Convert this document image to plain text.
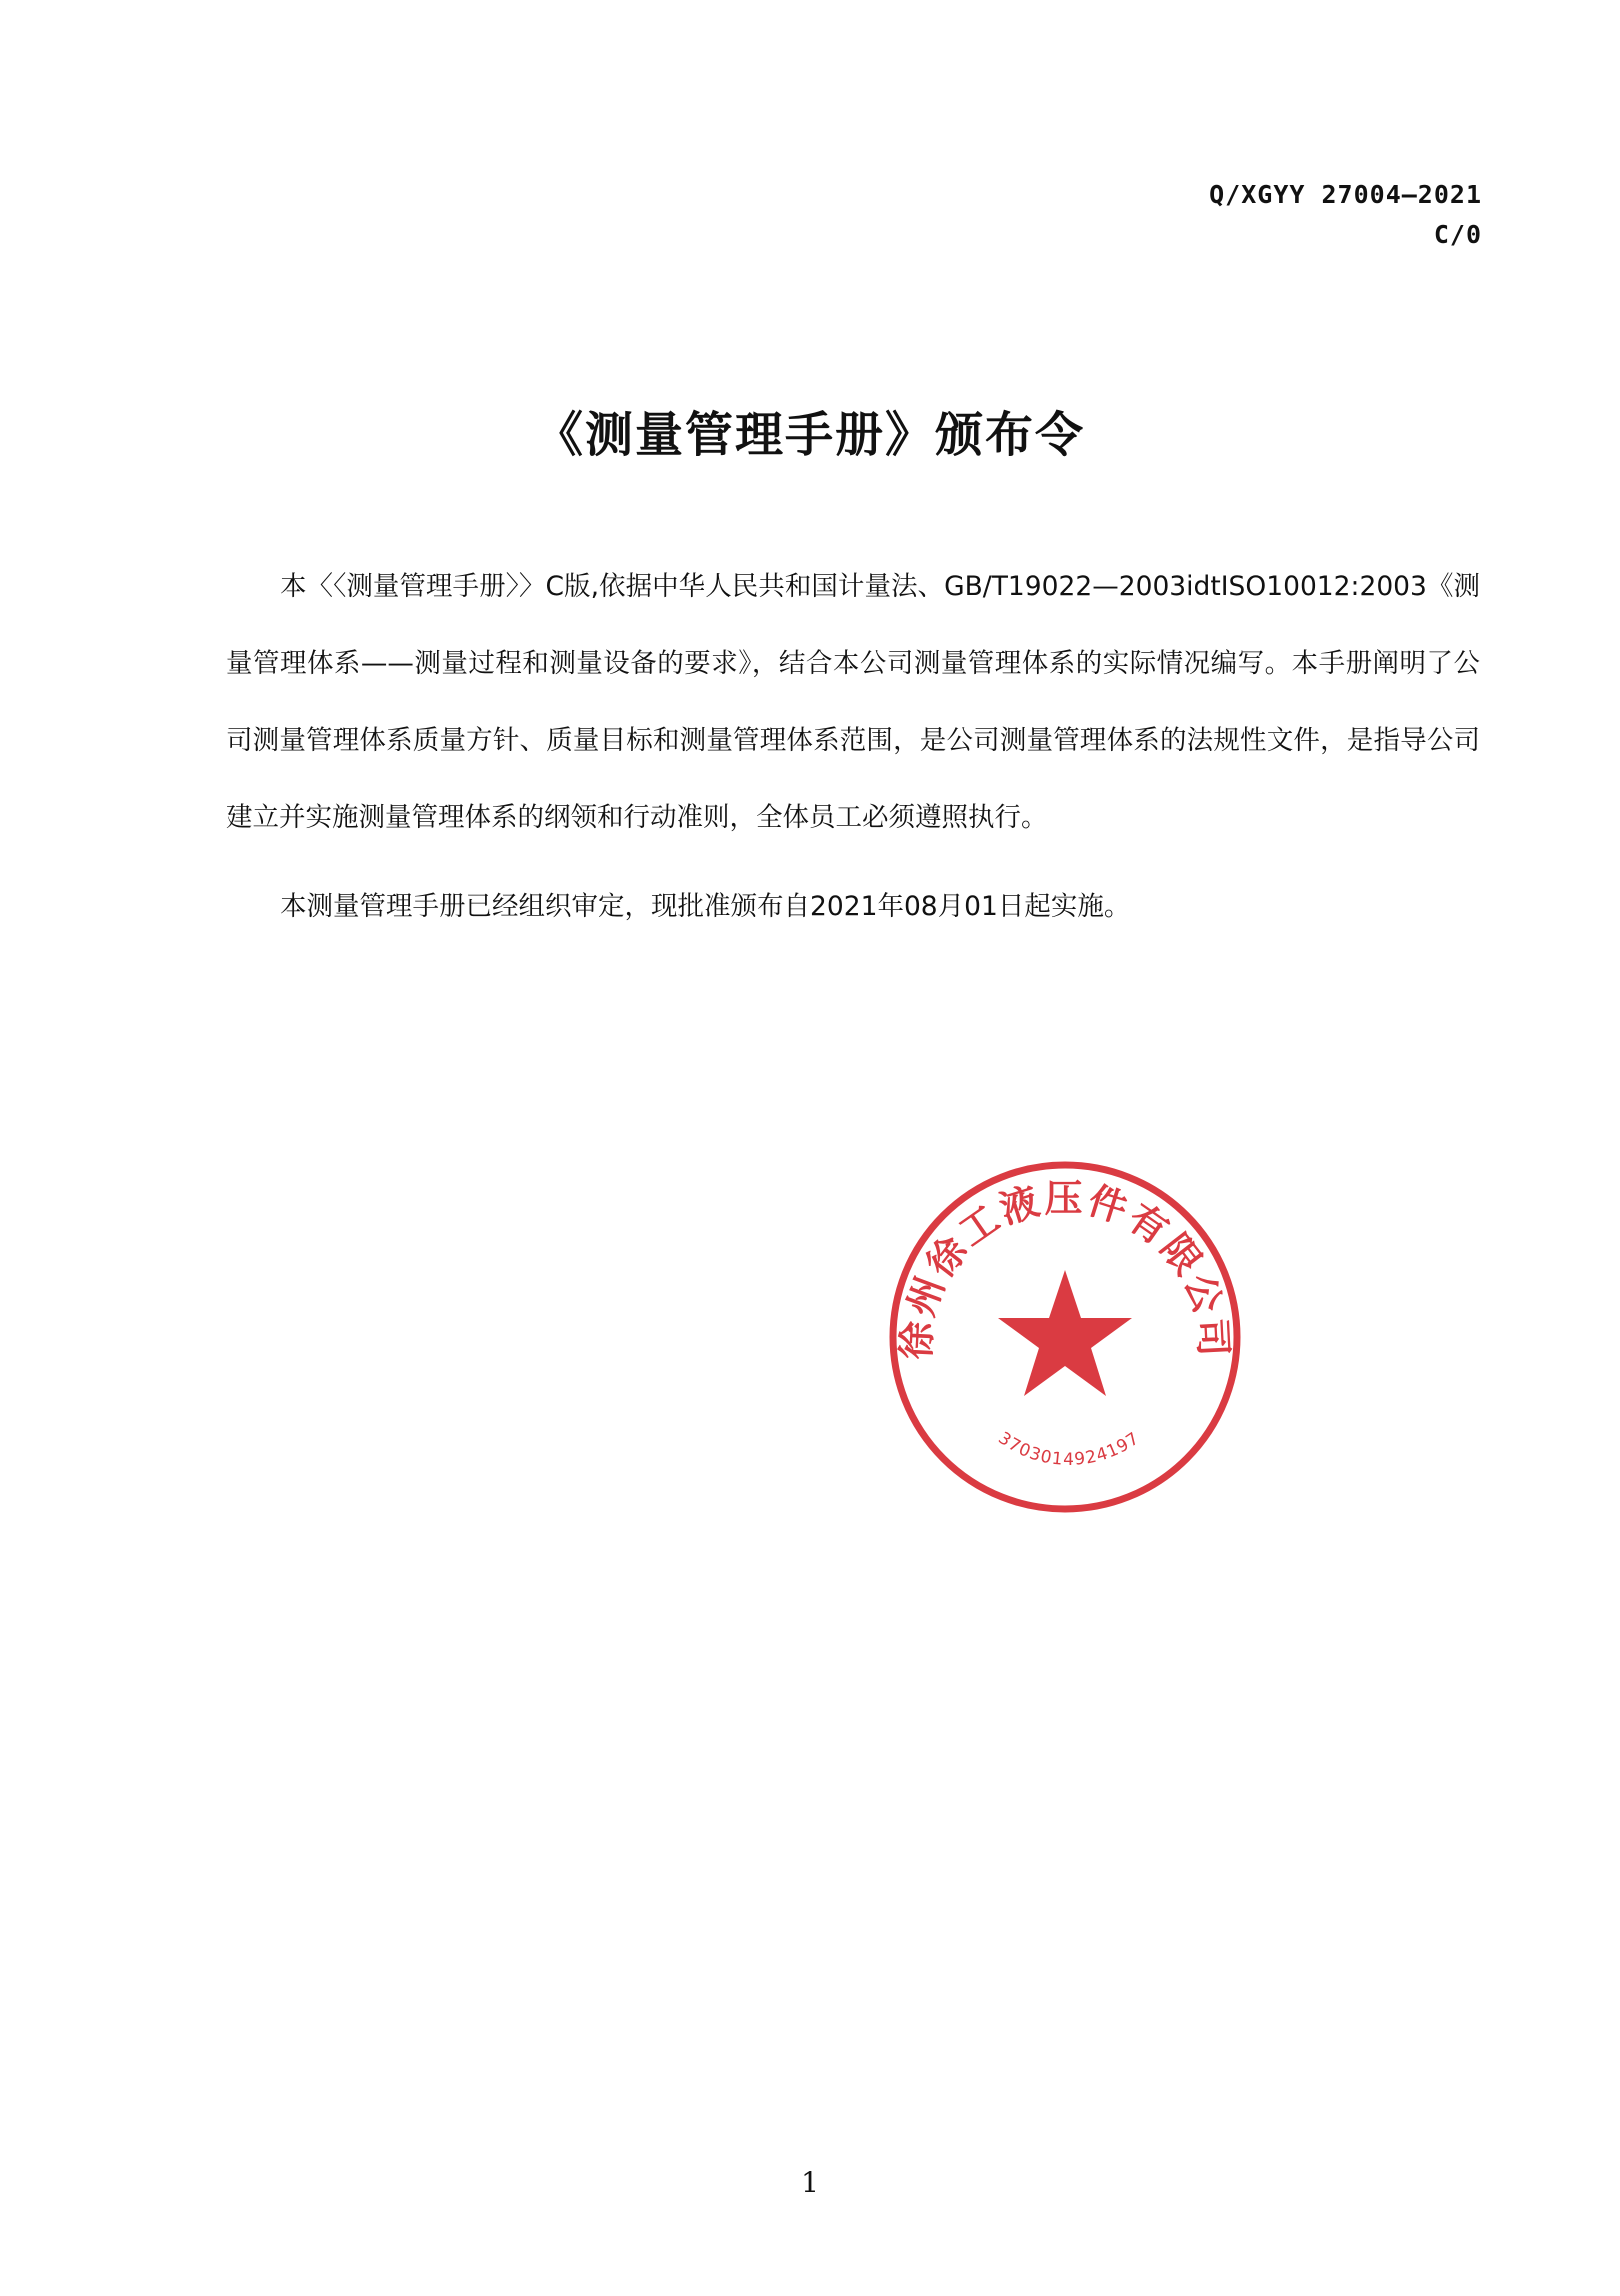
Q/XGYY 27004—2021
C/0
《测量管理手册》颁布令

本〈〈测量管理手册〉〉C版,依据中华人民共和国计量法、GB/T19022—2003idtISO10012:2003《测量管理体系——测量过程和测量设备的要求》，结合本公司测量管理体系的实际情况编写。本手册阐明了公司测量管理体系质量方针、质量目标和测量管理体系范围，是公司测量管理体系的法规性文件，是指导公司建立并实施测量管理体系的纲领和行动准则，全体员工必须遵照执行。

本测量管理手册已经组织审定，现批准颁布自2021年08月01日起实施。

徐州徐工液压件有限公司
3703014924197
1
